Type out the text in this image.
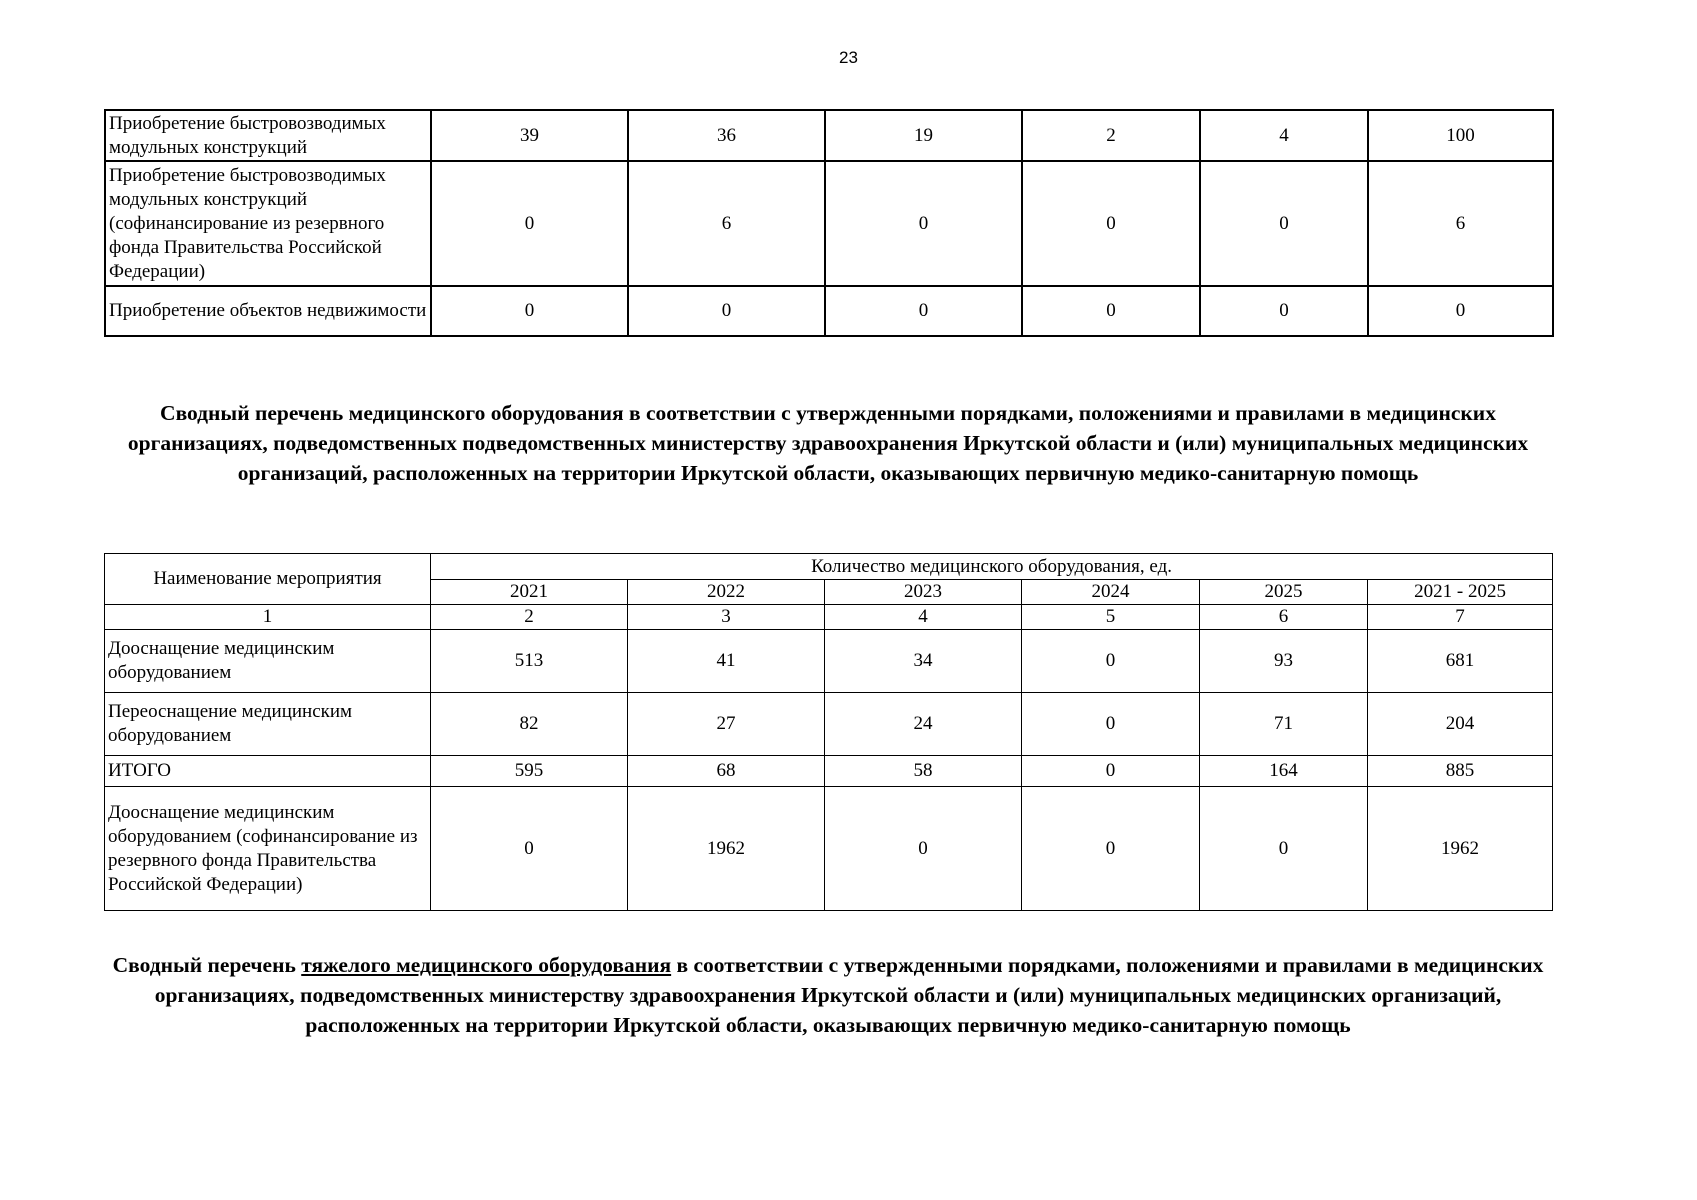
23
Приобретение быстровозводимых модульных конструкций	39	36	19	2	4	100
Приобретение быстровозводимых модульных конструкций (софинансирование из резервного фонда Правительства Российской Федерации)	0	6	0	0	0	6
Приобретение объектов недвижимости	0	0	0	0	0	0
Сводный перечень медицинского оборудования в соответствии с утвержденными порядками, положениями и правилами в медицинских организациях, подведомственных подведомственных министерству здравоохранения Иркутской области и (или) муниципальных медицинских организаций, расположенных на территории Иркутской области, оказывающих первичную медико-санитарную помощь
Наименование мероприятия	Количество медицинского оборудования, ед.					
	2021	2022	2023	2024	2025	2021 - 2025
1	2	3	4	5	6	7
Дооснащение медицинским оборудованием	513	41	34	0	93	681
Переоснащение медицинским оборудованием	82	27	24	0	71	204
ИТОГО	595	68	58	0	164	885
Дооснащение медицинским оборудованием (софинансирование из резервного фонда Правительства Российской Федерации)	0	1962	0	0	0	1962
Сводный перечень тяжелого медицинского оборудования в соответствии с утвержденными порядками, положениями и правилами в медицинских организациях, подведомственных министерству здравоохранения Иркутской области и (или) муниципальных медицинских организаций, расположенных на территории Иркутской области, оказывающих первичную медико-санитарную помощь
